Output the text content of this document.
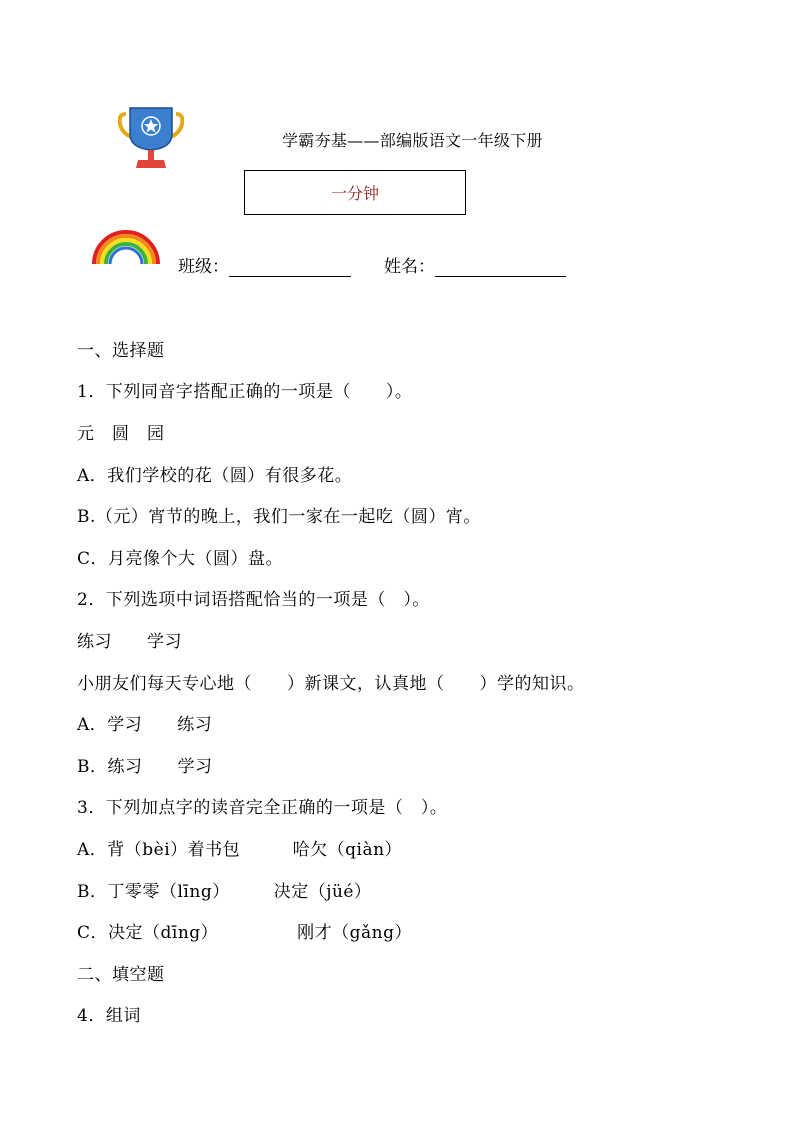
学霸夯基——部编版语文一年级下册
一分钟
班级：	姓名：
一、选择题
1．下列同音字搭配正确的一项是（　　）。
元　圆　园
A．我们学校的花（圆）有很多花。
B.（元）宵节的晚上，我们一家在一起吃（圆）宵。
C．月亮像个大（圆）盘。
2．下列选项中词语搭配恰当的一项是（　）。
练习　　学习
小朋友们每天专心地（　　）新课文，认真地（　　）学的知识。
A．学习　　练习
B．练习　　学习
3．下列加点字的读音完全正确的一项是（　）。
A．背（bèi）着书包　　　哈欠（qiàn）
B．丁零零（līng）　　　决定（jüé）
C．决定（dīng）　　　　　刚才（gǎng）
二、填空题
4．组词
